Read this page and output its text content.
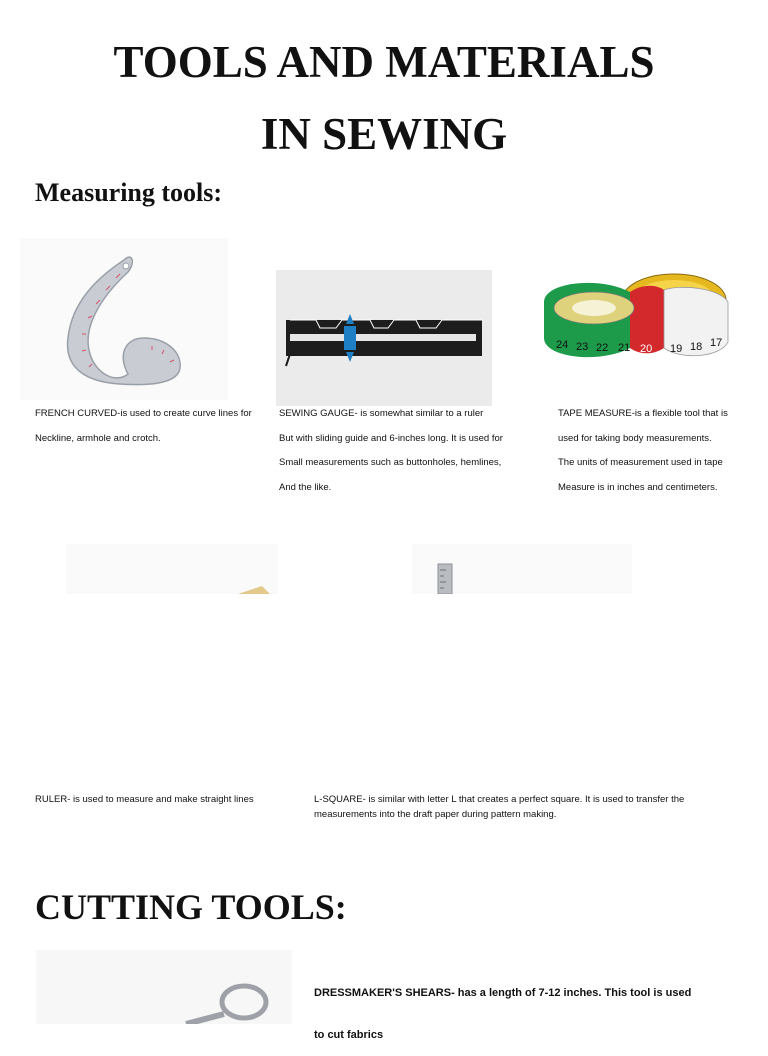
TOOLS AND MATERIALS
IN SEWING
Measuring tools:
24 23 22 21 20 19 18 17

FRENCH CURVED-is used to create curve lines for

Neckline, armhole and crotch.

SEWING GAUGE- is somewhat similar to a ruler

But with sliding guide and 6-inches long. It is used for

Small measurements such as buttonholes, hemlines,

And the like.

TAPE MEASURE-is a flexible tool that is

used for taking body measurements.

The units of measurement used in tape

Measure is in inches and centimeters.

RULER- is used to measure and make straight lines	L-SQUARE- is similar with letter L that creates a perfect square. It is used to transfer the

measurements into the draft paper during pattern making.

CUTTING TOOLS:

DRESSMAKER'S SHEARS- has a length of 7-12 inches. This tool is used

to cut fabrics
